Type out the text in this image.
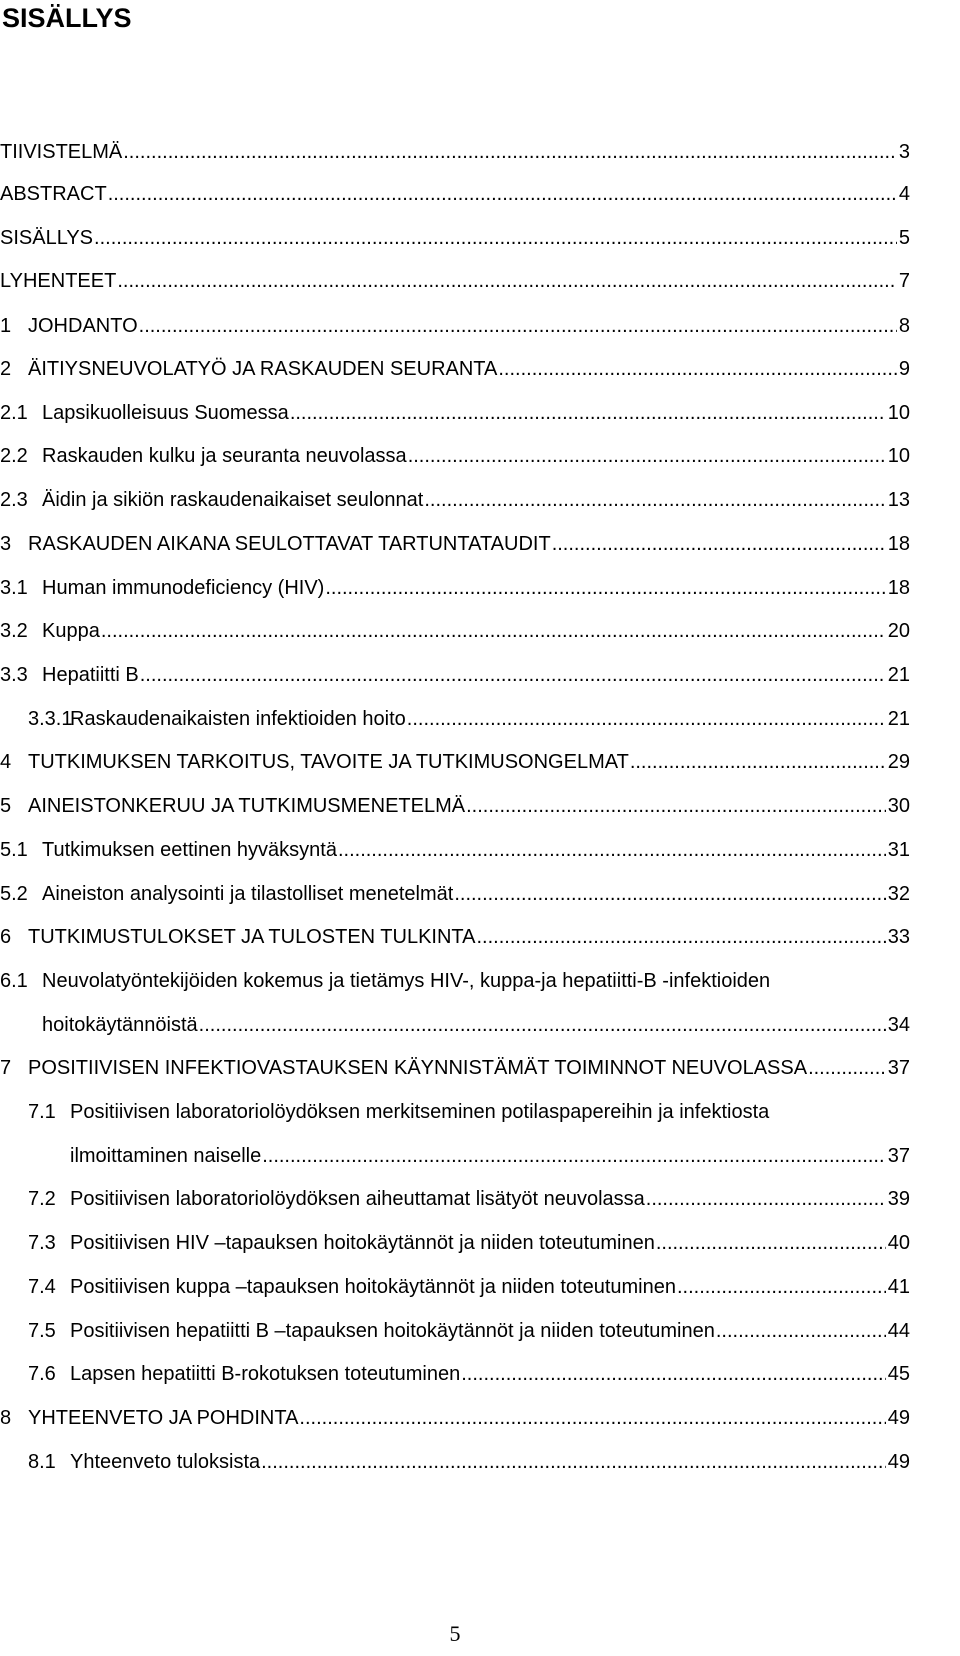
SISÄLLYS
TIIVISTELMÄ .....	3
ABSTRACT .....	4
SISÄLLYS .....	5
LYHENTEET .....	7
1 JOHDANTO .....	8
2 ÄITIYSNEUVOLATYÖ JA RASKAUDEN SEURANTA .....	9
2.1 Lapsikuolleisuus Suomessa .....	10
2.2 Raskauden kulku ja seuranta neuvolassa .....	10
2.3 Äidin ja sikiön raskaudenaikaiset seulonnat .....	13
3 RASKAUDEN AIKANA SEULOTTAVAT TARTUNTATAUDIT .....	18
3.1 Human immunodeficiency (HIV) .....	18
3.2 Kuppa .....	20
3.3 Hepatiitti B .....	21
3.3.1
Raskaudenaikaisten infektioiden hoito .....	21
4 TUTKIMUKSEN TARKOITUS, TAVOITE JA TUTKIMUSONGELMAT .....	29
5 AINEISTONKERUU JA TUTKIMUSMENETELMÄ .....	30
5.1 Tutkimuksen eettinen hyväksyntä .....	31
5.2 Aineiston analysointi ja tilastolliset menetelmät .....	32
6 TUTKIMUSTULOKSET JA TULOSTEN TULKINTA .....	33
6.1 Neuvolatyöntekijöiden kokemus ja tietämys HIV-, kuppa-ja hepatiitti-B -infektioiden
hoitokäytännöistä .....	34
7 POSITIIVISEN INFEKTIOVASTAUKSEN KÄYNNISTÄMÄT TOIMINNOT NEUVOLASSA .....	37
7.1 Positiivisen laboratoriolöydöksen merkitseminen potilaspapereihin ja infektiosta
ilmoittaminen naiselle .....	37
7.2 Positiivisen laboratoriolöydöksen aiheuttamat lisätyöt neuvolassa .....	39
7.3 Positiivisen HIV –tapauksen hoitokäytännöt ja niiden toteutuminen .....	40
7.4 Positiivisen kuppa –tapauksen hoitokäytännöt ja niiden toteutuminen .....	41
7.5 Positiivisen hepatiitti B –tapauksen hoitokäytännöt ja niiden toteutuminen .....	44
7.6 Lapsen hepatiitti B-rokotuksen toteutuminen .....	45
8 YHTEENVETO JA POHDINTA .....	49
8.1 Yhteenveto tuloksista .....	49
5
